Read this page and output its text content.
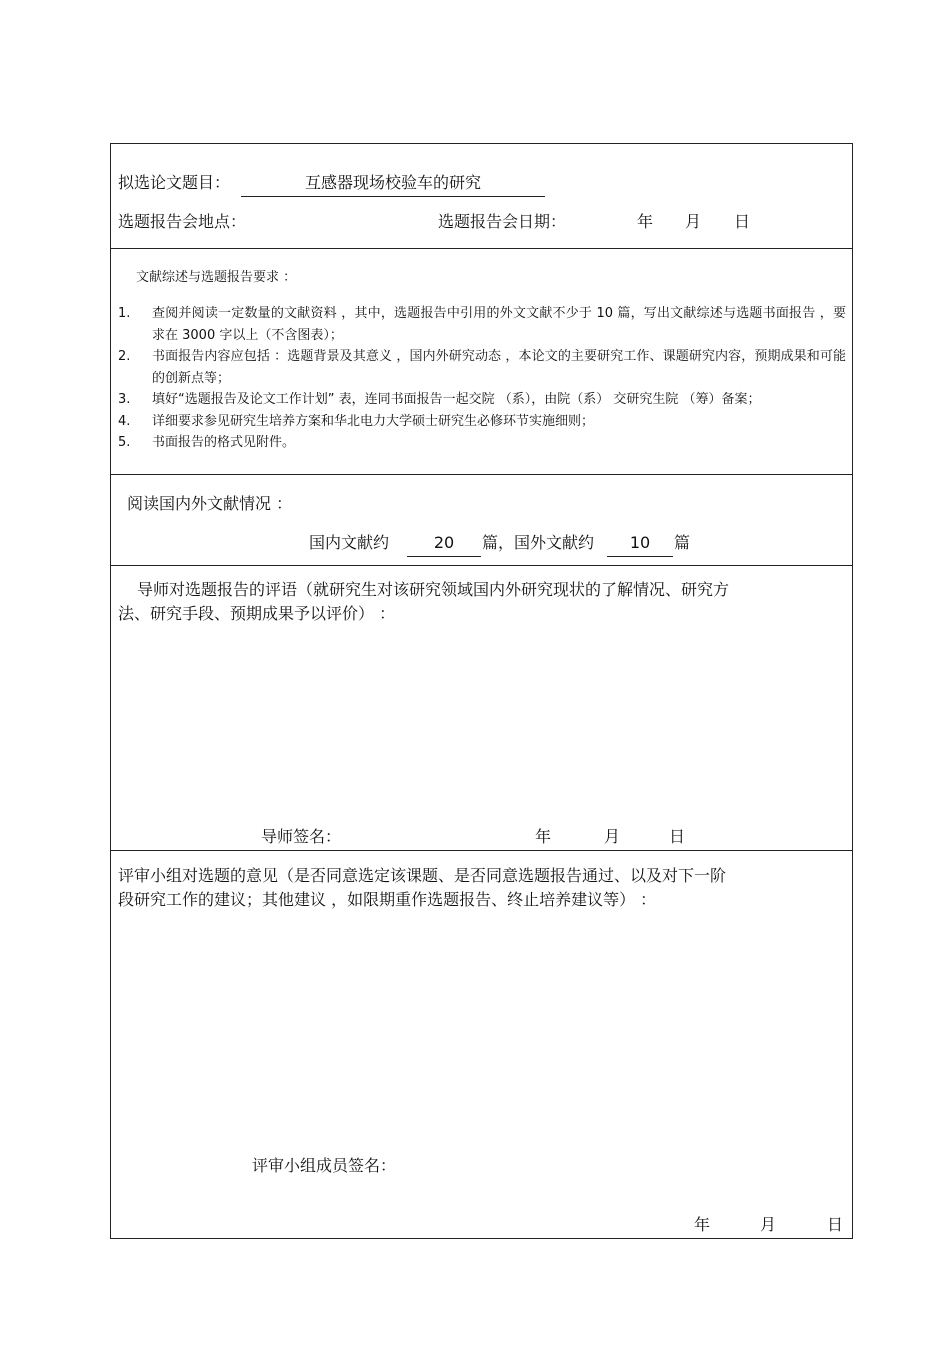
拟选论文题目：	互感器现场校验车的研究
选题报告会地点：	选题报告会日期：	年 月 日
文献综述与选题报告要求 ：
1.	查阅并阅读一定数量的文献资料 ，其中，选题报告中引用的外文文献不少于 10 篇，写出文献综述与选题书面报告 ，要求在 3000 字以上（不含图表）；
2.	书面报告内容应包括 ：选题背景及其意义 ，国内外研究动态 ，本论文的主要研究工作、课题研究内容，预期成果和可能的创新点等；
3.	填好“选题报告及论文工作计划” 表，连同书面报告一起交院 （系），由院（系） 交研究生院 （筹）备案；
4.	详细要求参见研究生培养方案和华北电力大学硕士研究生必修环节实施细则；
5.	书面报告的格式见附件。
阅读国内外文献情况 ：
国内文献约	20	篇 ，国外文献约	10	篇
导师对选题报告的评语（就研究生对该研究领域国内外研究现状的了解情况、研究方
法、研究手段、预期成果予以评价） ：
导师签名：	年	月	日
评审小组对选题的意见（是否同意选定该课题、是否同意选题报告通过、以及对下一阶
段研究工作的建议；其他建议 ，如限期重作选题报告、终止培养建议等） ：
评审小组成员签名：
年	月	日
